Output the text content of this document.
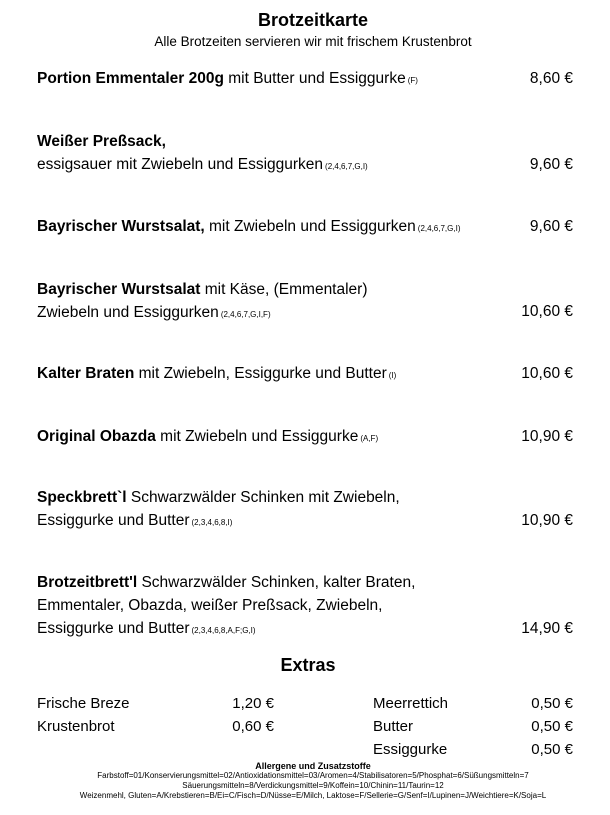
Brotzeitkarte
Alle Brotzeiten servieren wir mit frischem Krustenbrot
Portion Emmentaler 200g mit Butter und Essiggurke (F)	8,60 €
Weißer Preßsack,
essigsauer mit Zwiebeln und Essiggurken (2,4,6,7,G,I)	9,60 €
Bayrischer Wurstsalat, mit Zwiebeln und Essiggurken (2,4,6,7,G,I)	9,60 €
Bayrischer Wurstsalat mit Käse, (Emmentaler)
Zwiebeln und Essiggurken (2,4,6,7,G,I,F)	10,60 €
Kalter Braten mit Zwiebeln, Essiggurke und Butter (I)	10,60 €
Original Obazda mit Zwiebeln und Essiggurke (A,F)	10,90 €
Speckbrett`l Schwarzwälder Schinken mit Zwiebeln,
Essiggurke und Butter (2,3,4,6,8,I)	10,90 €
Brotzeitbrett'l Schwarzwälder Schinken, kalter Braten,
Emmentaler, Obazda, weißer Preßsack, Zwiebeln,
Essiggurke und Butter (2,3,4,6,8,A,F;G,I)	14,90 €
Extras
Frische Breze	1,20 €
Krustenbrot	0,60 €
Meerrettich	0,50 €
Butter	0,50 €
Essiggurke	0,50 €
Allergene und Zusatzstoffe
Farbstoff=01/Konservierungsmittel=02/Antioxidationsmittel=03/Aromen=4/Stabilisatoren=5/Phosphat=6/Süßungsmitteln=7
Säuerungsmitteln=8/Verdickungsmittel=9/Koffein=10/Chinin=11/Taurin=12
Weizenmehl, Gluten=A/Krebstieren=B/Ei=C/Fisch=D/Nüsse=E/Milch, Laktose=F/Sellerie=G/Senf=I/Lupinen=J/Weichtiere=K/Soja=L
